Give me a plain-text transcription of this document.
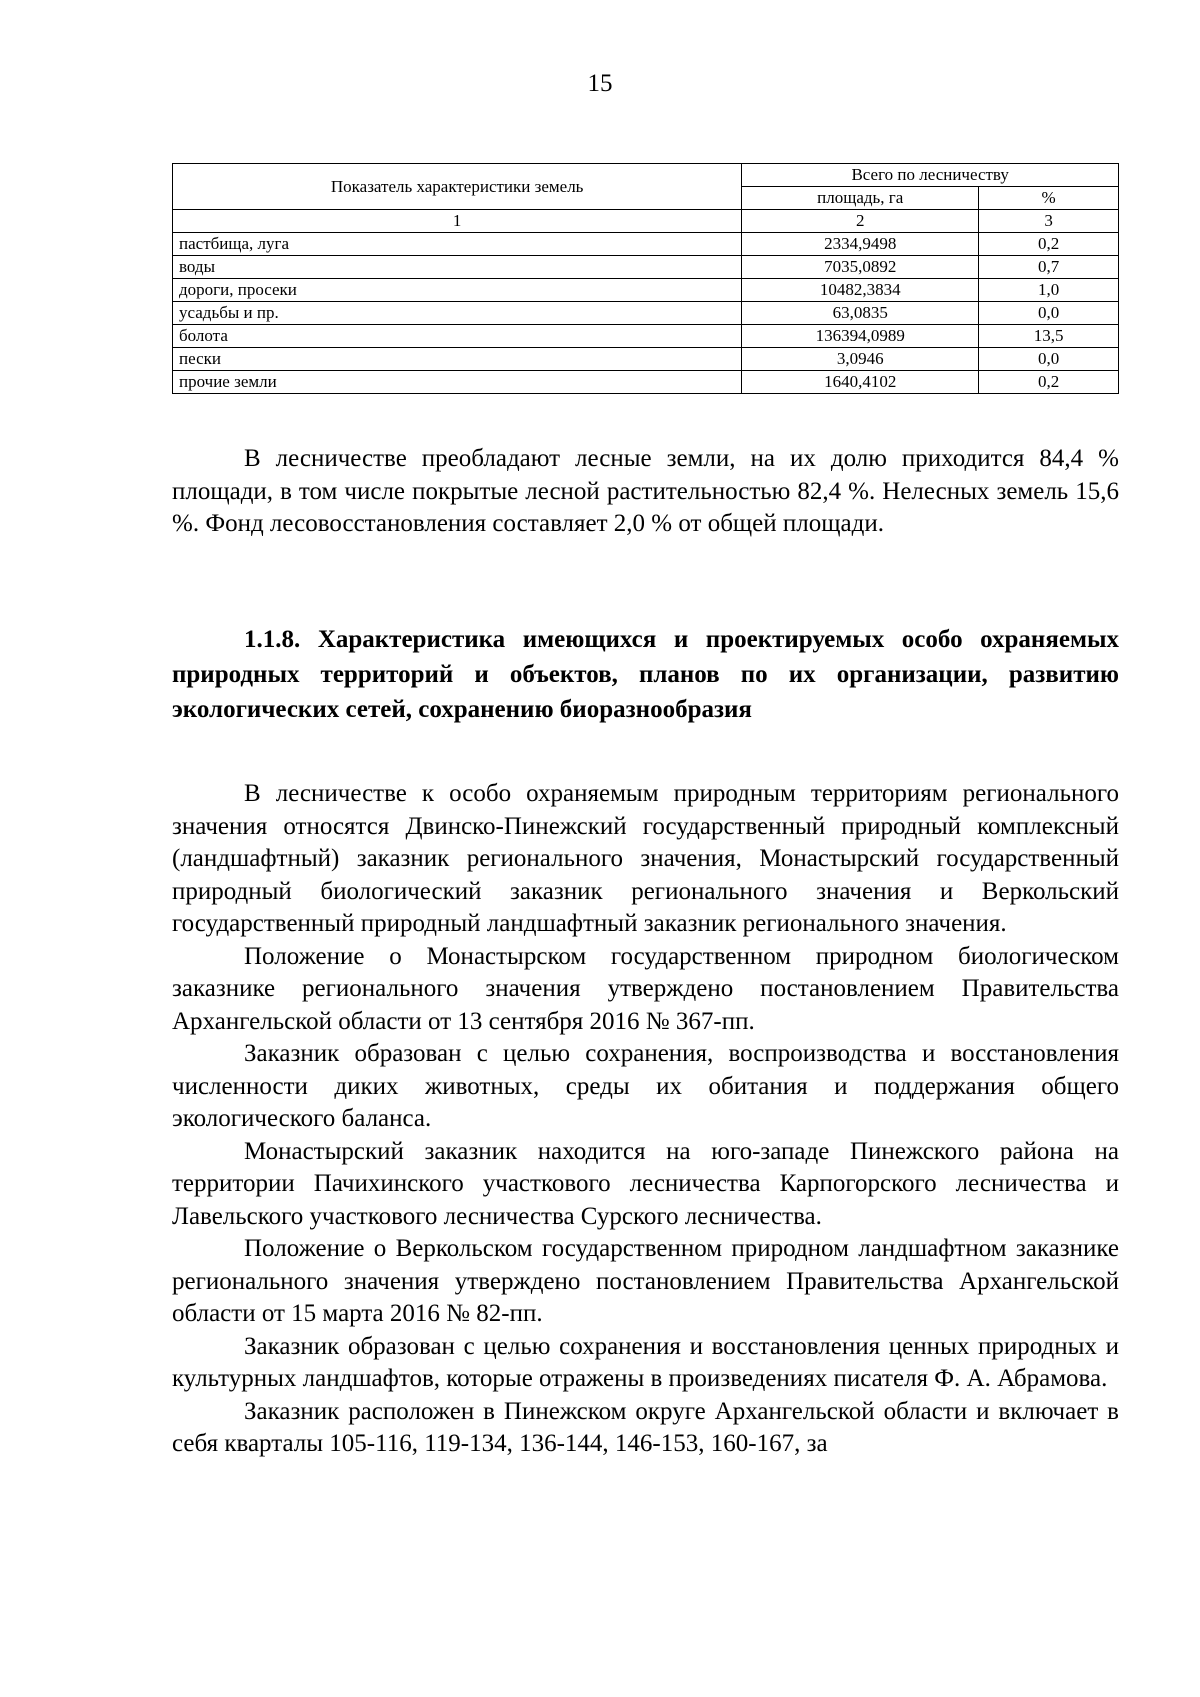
15
Показатель характеристики земель	Всего по лесничеству	
	площадь, га	%
1	2	3
пастбища, луга	2334,9498	0,2
воды	7035,0892	0,7
дороги, просеки	10482,3834	1,0
усадьбы и пр.	63,0835	0,0
болота	136394,0989	13,5
пески	3,0946	0,0
прочие земли	1640,4102	0,2

В лесничестве преобладают лесные земли, на их долю приходится 84,4 % площади, в том числе покрытые лесной растительностью 82,4 %. Нелесных земель 15,6 %. Фонд лесовосстановления составляет 2,0 % от общей площади.

1.1.8. Характеристика имеющихся и проектируемых особо охраняемых природных территорий и объектов, планов по их организации, развитию экологических сетей, сохранению биоразнообразия

В лесничестве к особо охраняемым природным территориям регионального значения относятся Двинско-Пинежский государственный природный комплексный (ландшафтный) заказник регионального значения, Монастырский государственный природный биологический заказник регионального значения и Веркольский государственный природный ландшафтный заказник регионального значения.

Положение о Монастырском государственном природном биологическом заказнике регионального значения утверждено постановлением Правительства Архангельской области от 13 сентября 2016 № 367-пп.

Заказник образован с целью сохранения, воспроизводства и восстановления численности диких животных, среды их обитания и поддержания общего экологического баланса.

Монастырский заказник находится на юго-западе Пинежского района на территории Пачихинского участкового лесничества Карпогорского лесничества и Лавельского участкового лесничества Сурского лесничества.

Положение о Веркольском государственном природном ландшафтном заказнике регионального значения утверждено постановлением Правительства Архангельской области от 15 марта 2016 № 82-пп.

Заказник образован с целью сохранения и восстановления ценных природных и культурных ландшафтов, которые отражены в произведениях писателя Ф. А. Абрамова.

Заказник расположен в Пинежском округе Архангельской области и включает в себя кварталы 105-116, 119-134, 136-144, 146-153, 160-167, за
